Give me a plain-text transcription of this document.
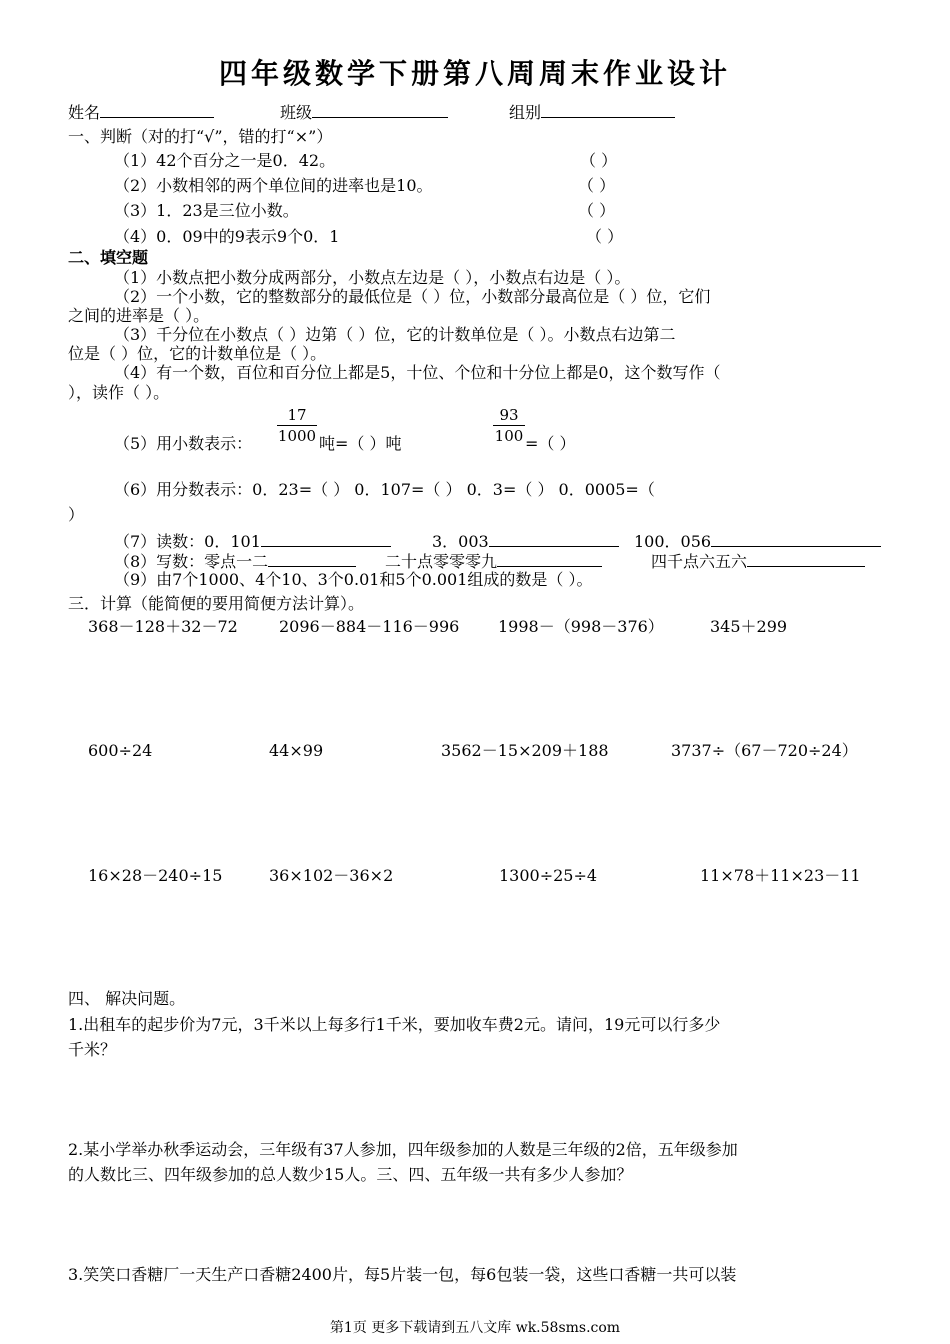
四年级数学下册第八周周末作业设计
姓名	班级	组别
一、判断（对的打“√”，错的打“×”）
（1）42个百分之一是0．42。	（ ）
（2）小数相邻的两个单位间的进率也是10。	（ ）
（3）1．23是三位小数。	（ ）
（4）0．09中的9表示9个0．1	（ ）
二、填空题
（1）小数点把小数分成两部分，小数点左边是（ ），小数点右边是（ ）。
（2）一个小数，它的整数部分的最低位是（ ）位，小数部分最高位是（ ）位，它们
之间的进率是（ ）。
（3）千分位在小数点（ ）边第（ ）位，它的计数单位是（ ）。小数点右边第二
位是（ ）位，它的计数单位是（ ）。
（4）有一个数，百位和百分位上都是5，十位、个位和十分位上都是0，这个数写作（
），读作（ ）。
（5）用小数表示：
17
1000 吨=（ ）吨
93
100 =（ ）
（6）用分数表示：0．23=（ ） 0．107=（ ） 0．3=（ ） 0．0005=（
）
（7）读数：0．101	3．003	100．056
（8）写数：零点一二	二十点零零零九	四千点六五六
（9）由7个1000、4个10、3个0.01和5个0.001组成的数是（ ）。
三．计算（能简便的要用简便方法计算）。
368－128＋32－72	2096－884－116－996 1998－（998－376）	345＋299
600÷24	44×99	3562－15×209＋188	3737÷（67－720÷24）
16×28－240÷15	36×102－36×2	1300÷25÷4	11×78＋11×23－11
四、 解决问题。
1.出租车的起步价为7元，3千米以上每多行1千米，要加收车费2元。请问，19元可以行多少
千米？
2.某小学举办秋季运动会，三年级有37人参加，四年级参加的人数是三年级的2倍，五年级参加
的人数比三、四年级参加的总人数少15人。三、四、五年级一共有多少人参加？
3.笑笑口香糖厂一天生产口香糖2400片，每5片装一包，每6包装一袋，这些口香糖一共可以装
第1页 更多下载请到五八文库 wk.58sms.com
